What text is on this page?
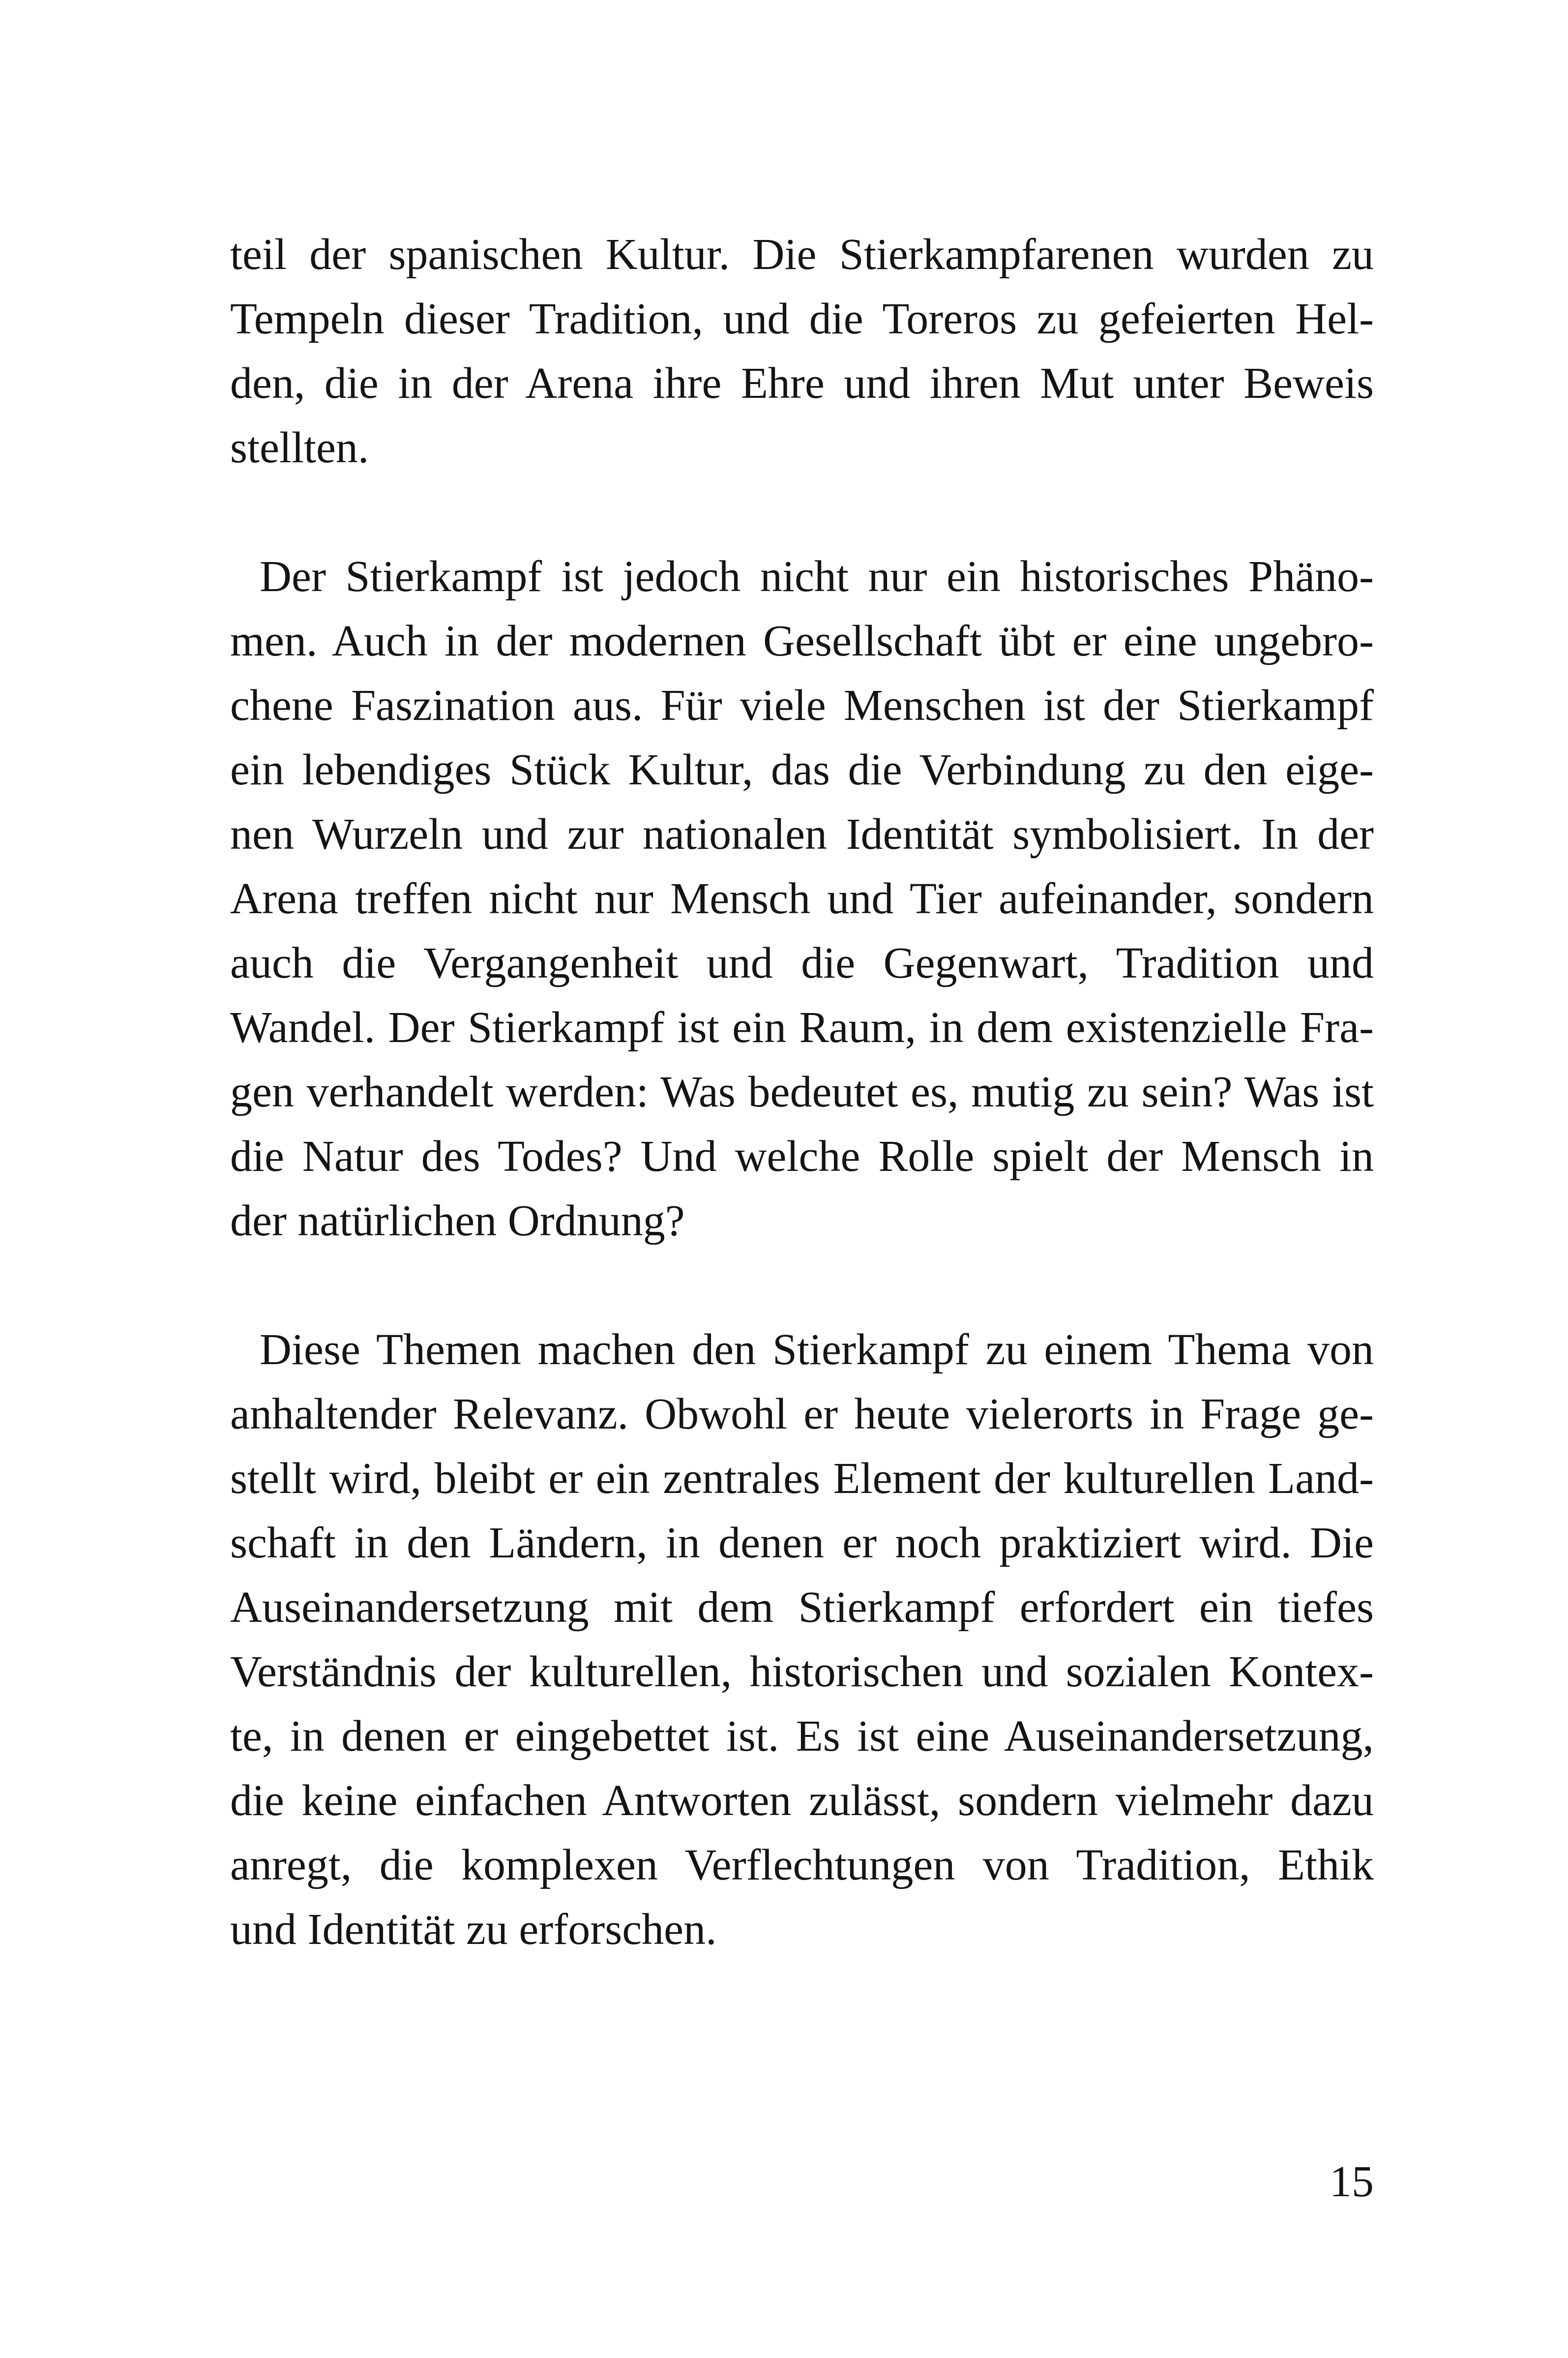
teil der spanischen Kultur. Die Stierkampfarenen wurden zu
Tempeln dieser Tradition, und die Toreros zu gefeierten Hel-
den, die in der Arena ihre Ehre und ihren Mut unter Beweis
stellten.
Der Stierkampf ist jedoch nicht nur ein historisches Phäno-
men. Auch in der modernen Gesellschaft übt er eine ungebro-
chene Faszination aus. Für viele Menschen ist der Stierkampf
ein lebendiges Stück Kultur, das die Verbindung zu den eige-
nen Wurzeln und zur nationalen Identität symbolisiert. In der
Arena treffen nicht nur Mensch und Tier aufeinander, sondern
auch die Vergangenheit und die Gegenwart, Tradition und
Wandel. Der Stierkampf ist ein Raum, in dem existenzielle Fra-
gen verhandelt werden: Was bedeutet es, mutig zu sein? Was ist
die Natur des Todes? Und welche Rolle spielt der Mensch in
der natürlichen Ordnung?
Diese Themen machen den Stierkampf zu einem Thema von
anhaltender Relevanz. Obwohl er heute vielerorts in Frage ge-
stellt wird, bleibt er ein zentrales Element der kulturellen Land-
schaft in den Ländern, in denen er noch praktiziert wird. Die
Auseinandersetzung mit dem Stierkampf erfordert ein tiefes
Verständnis der kulturellen, historischen und sozialen Kontex-
te, in denen er eingebettet ist. Es ist eine Auseinandersetzung,
die keine einfachen Antworten zulässt, sondern vielmehr dazu
anregt, die komplexen Verflechtungen von Tradition, Ethik
und Identität zu erforschen.
15
